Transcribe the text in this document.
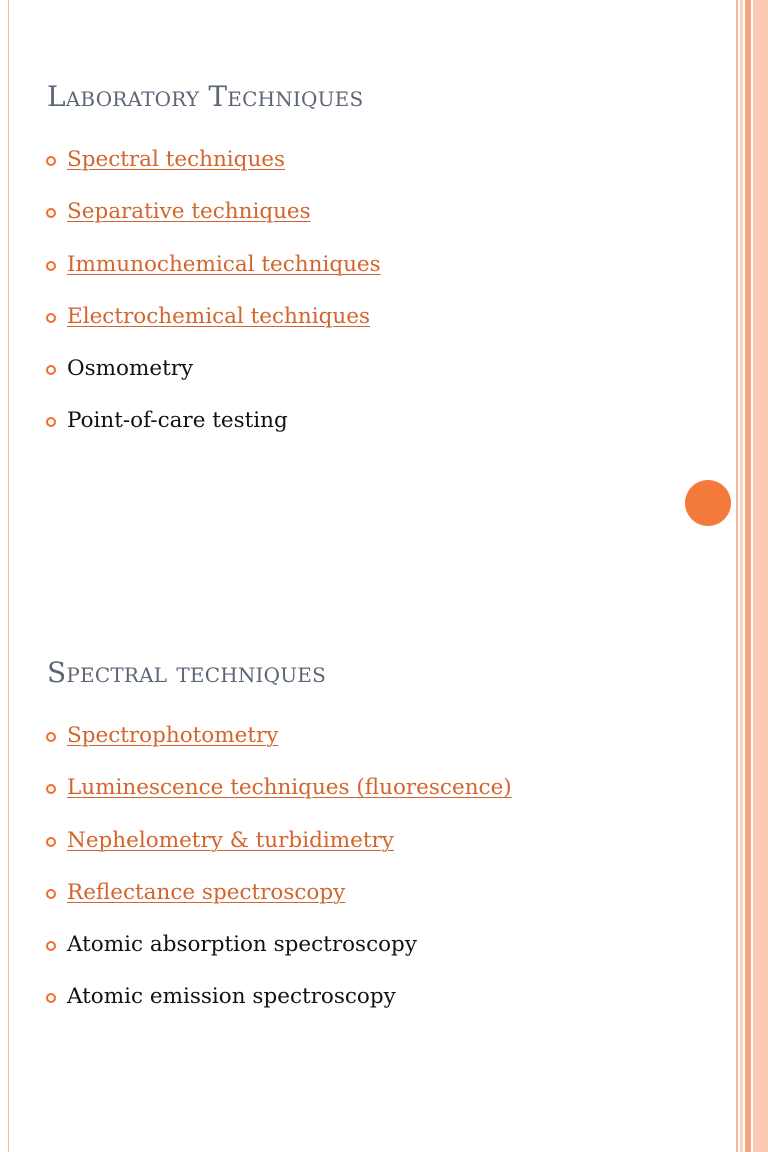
Laboratory Techniques
Spectral techniques
Separative techniques
Immunochemical techniques
Electrochemical techniques
Osmometry
Point-of-care testing
Spectral techniques
Spectrophotometry
Luminescence techniques (fluorescence)
Nephelometry & turbidimetry
Reflectance spectroscopy
Atomic absorption spectroscopy
Atomic emission spectroscopy
